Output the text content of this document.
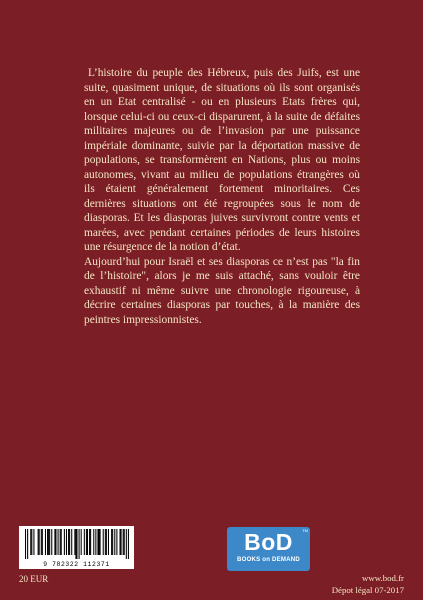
L’histoire du peuple des Hébreux, puis des Juifs, est une suite, quasiment unique, de situations où ils sont organisés en un Etat centralisé - ou en plusieurs Etats frères qui, lorsque celui-ci ou ceux-ci disparurent, à la suite de défaites militaires majeures ou de l’invasion par une puissance impériale dominante, suivie par la déportation massive de populations, se transformèrent en Nations, plus ou moins autonomes, vivant au milieu de populations étrangères où ils étaient généralement fortement minoritaires. Ces dernières situations ont été regroupées sous le nom de diasporas. Et les diasporas juives survivront contre vents et marées, avec pendant certaines périodes de leurs histoires une résurgence de la notion d’état.

Aujourd’hui pour Israël et ses diasporas ce n’est pas "la fin de l’histoire", alors je me suis attaché, sans vouloir être exhaustif ni même suivre une chronologie rigoureuse, à décrire certaines diasporas par touches, à la manière des peintres impressionnistes.

9 782322 112371
20 EUR
TM
BoD
BOOKS on DEMAND
www.bod.fr
Dépot légal 07-2017
